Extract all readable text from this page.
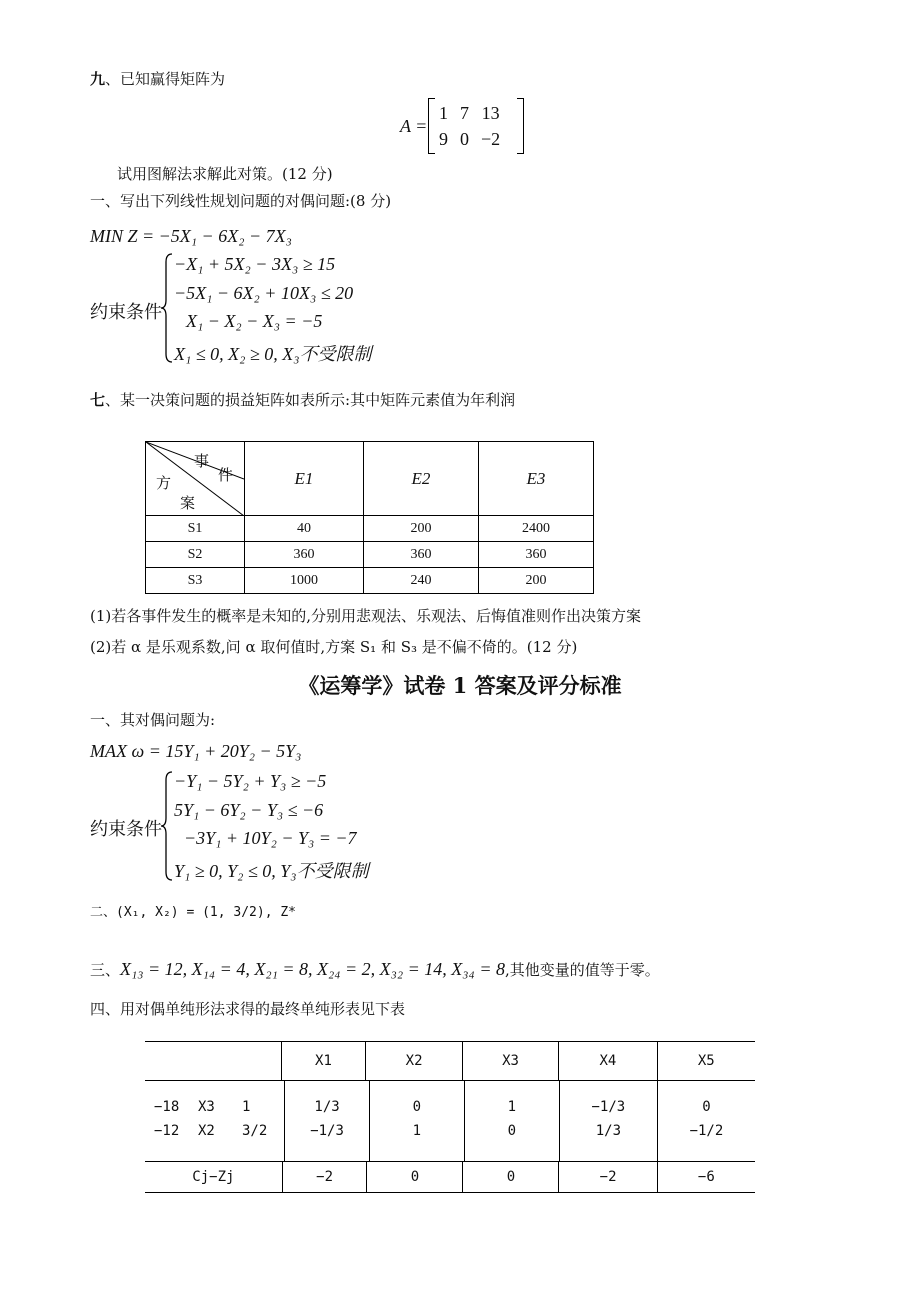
九、已知赢得矩阵为
A =
1	7	13
9	0	−2
试用图解法求解此对策。(12 分)
一、写出下列线性规划问题的对偶问题:(8 分)
MIN Z = −5X₁ − 6X₂ − 7X₃
约束条件
−X₁ + 5X₂ − 3X₃ ≥ 15
−5X₁ − 6X₂ + 10X₃ ≤ 20
X₁ − X₂ − X₃ = −5
X₁ ≤ 0, X₂ ≥ 0, X₃不受限制
七、某一决策问题的损益矩阵如表所示:其中矩阵元素值为年利润
事
件
方
案	E1	E2	E3
S1	40	200	2400
S2	360	360	360
S3	1000	240	200
(1)若各事件发生的概率是未知的,分别用悲观法、乐观法、后悔值准则作出决策方案
(2)若 α 是乐观系数,问 α 取何值时,方案 S₁ 和 S₃ 是不偏不倚的。(12 分)
《运筹学》试卷 1 答案及评分标准
一、其对偶问题为:
MAX ω = 15Y₁ + 20Y₂ − 5Y₃
约束条件
−Y₁ − 5Y₂ + Y₃ ≥ −5
5Y₁ − 6Y₂ − Y₃ ≤ −6
−3Y₁ + 10Y₂ − Y₃ = −7
Y₁ ≥ 0, Y₂ ≤ 0, Y₃不受限制
二、(X₁, X₂) = (1, 3/2), Z*
三、X₁₃ = 12, X₁₄ = 4, X₂₁ = 8, X₂₄ = 2, X₃₂ = 14, X₃₄ = 8,其他变量的值等于零。
四、用对偶单纯形法求得的最终单纯形表见下表
	X1	X2	X3	X4	X5

−18 X3 1	1/3	0	1	−1/3	0
−12 X2 3/2	−1/3	1	0	1/3	−1/2

Cj−Zj	−2	0	0	−2	−6
